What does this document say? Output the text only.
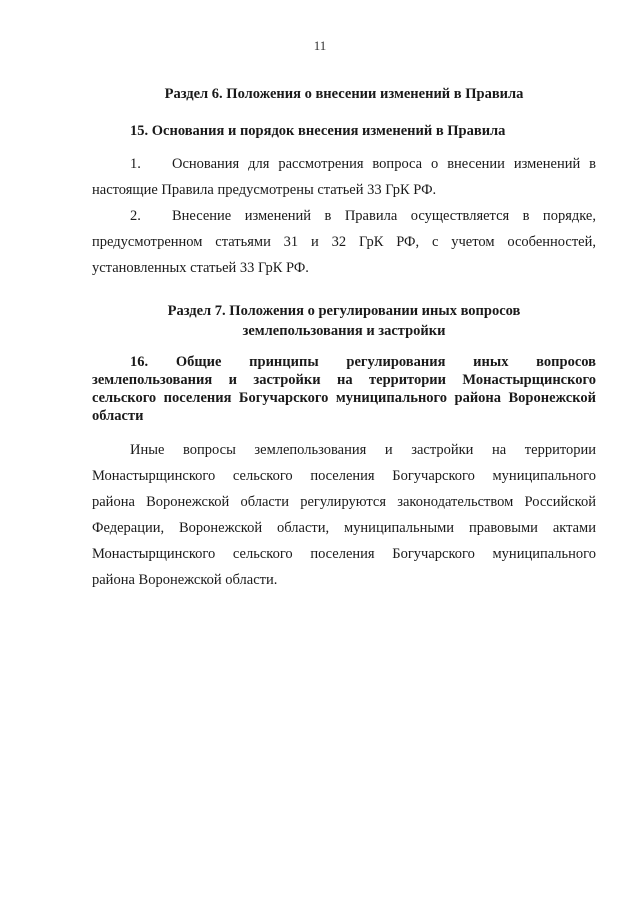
11
Раздел 6. Положения о внесении изменений в Правила
15. Основания и порядок внесения изменений в Правила
1. Основания для рассмотрения вопроса о внесении изменений в
настоящие Правила предусмотрены статьей 33 ГрК РФ.
2. Внесение изменений в Правила осуществляется в порядке,
предусмотренном статьями 31 и 32 ГрК РФ, с учетом особенностей,
установленных статьей 33 ГрК РФ.
Раздел 7. Положения о регулировании иных вопросов
землепользования и застройки
16. Общие принципы регулирования иных вопросов
землепользования и застройки на территории Монастырщинского
сельского поселения Богучарского муниципального района Воронежской
области
Иные вопросы землепользования и застройки на территории
Монастырщинского сельского поселения Богучарского муниципального
района Воронежской области регулируются законодательством Российской
Федерации, Воронежской области, муниципальными правовыми актами
Монастырщинского сельского поселения Богучарского муниципального
района Воронежской области.
